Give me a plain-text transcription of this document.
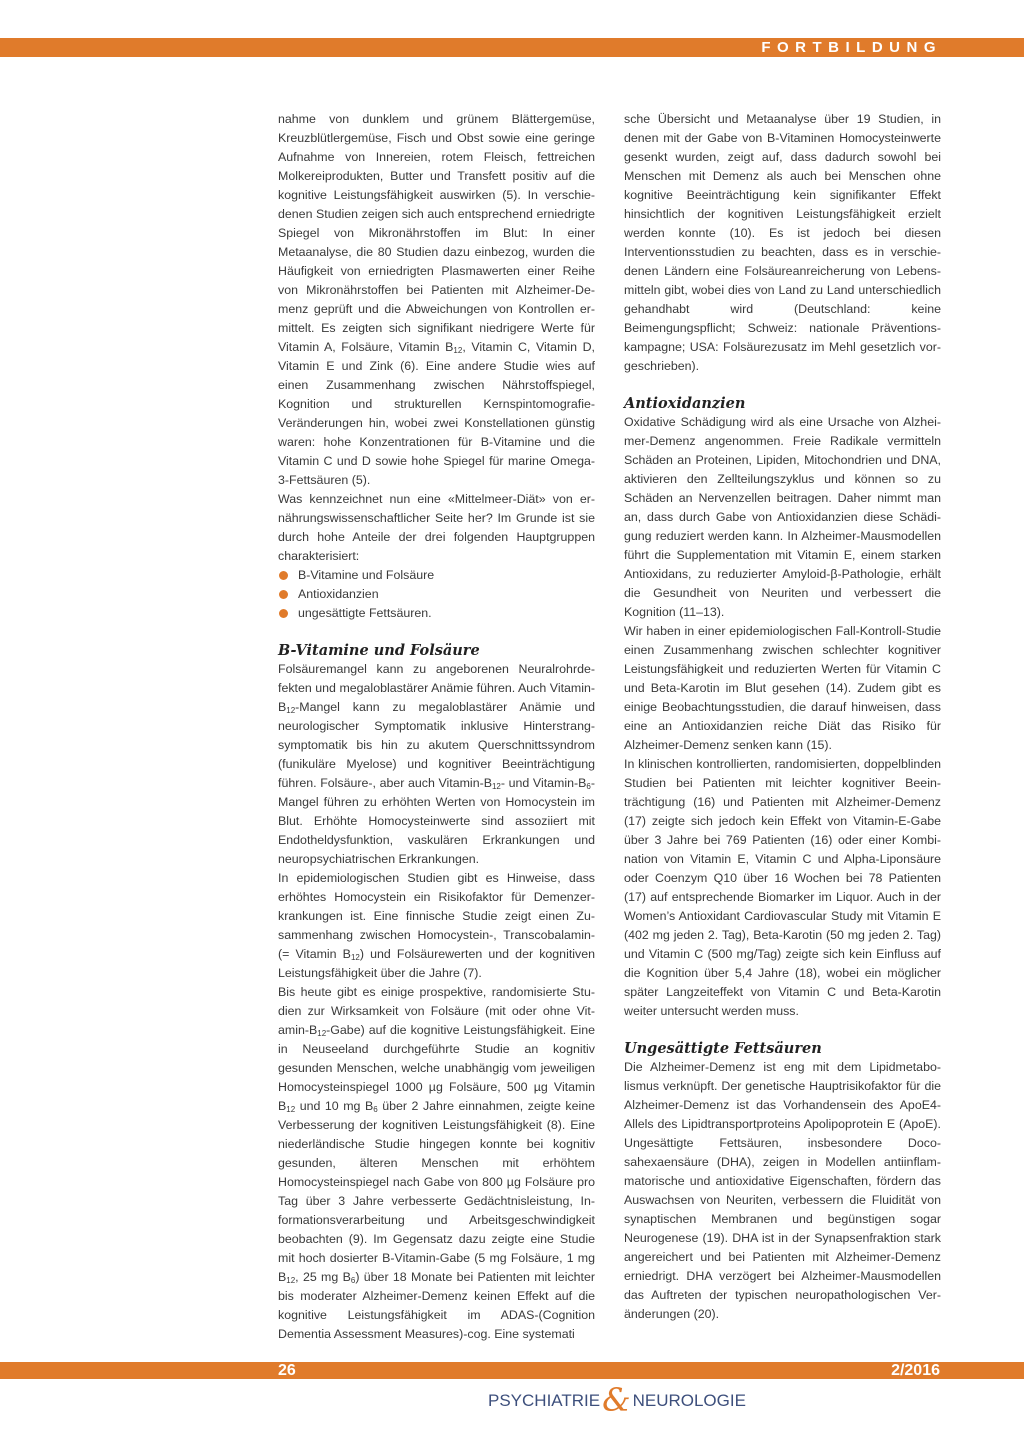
FORTBILDUNG

nahme von dunklem und grünem Blättergemüse, Kreuzblütlergemüse, Fisch und Obst sowie eine geringe Aufnahme von Innereien, rotem Fleisch, fettreichen Molkereiprodukten, Butter und Transfett positiv auf die kognitive Leistungsfähigkeit auswirken (5). In verschiedenen Studien zeigen sich auch entsprechend erniedrigte Spiegel von Mikronährstoffen im Blut: In einer Metaanalyse, die 80 Studien dazu einbezog, wurden die Häufigkeit von erniedrigten Plasmawerten einer Reihe von Mikronährstoffen bei Patienten mit Alzheimer-Demenz geprüft und die Abweichungen von Kontrollen ermittelt. Es zeigten sich signifikant niedrigere Werte für Vitamin A, Folsäure, Vitamin $B_{12}$, Vitamin C, Vitamin D, Vitamin E und Zink (6). Eine andere Studie wies auf einen Zusammenhang zwischen Nährstoffspiegel, Kognition und strukturellen Kernspintomografie-Veränderungen hin, wobei zwei Konstellationen günstig waren: hohe Konzentrationen für B-Vitamine und die Vitamin C und D sowie hohe Spiegel für marine Omega-3-Fettsäuren (5).

Was kennzeichnet nun eine «Mittelmeer-Diät» von ernährungswissenschaftlicher Seite her? Im Grunde ist sie durch hohe Anteile der drei folgenden Hauptgruppen charakterisiert:

B-Vitamine und Folsäure
Antioxidanzien
ungesättigte Fettsäuren.
B-Vitamine und Folsäure

Folsäuremangel kann zu angeborenen Neuralrohrdefekten und megaloblastärer Anämie führen. Auch Vitamin-$B_{12}$-Mangel kann zu megaloblastärer Anämie und neurologischer Symptomatik inklusive Hinterstrangsymptomatik bis hin zu akutem Querschnittssyndrom (funikuläre Myelose) und kognitiver Beeinträchtigung führen. Folsäure-, aber auch Vitamin-$B_{12}-$ und Vitamin-$B_6$-Mangel führen zu erhöhten Werten von Homocystein im Blut. Erhöhte Homocysteinwerte sind assoziiert mit Endotheldysfunktion, vaskulären Erkrankungen und neuropsychiatrischen Erkrankungen.

In epidemiologischen Studien gibt es Hinweise, dass erhöhtes Homocystein ein Risikofaktor für Demenzerkrankungen ist. Eine finnische Studie zeigt einen Zusammenhang zwischen Homocystein-, Transcobalamin- (= Vitamin $B_{12}$) und Folsäurewerten und der kognitiven Leistungsfähigkeit über die Jahre (7).

Bis heute gibt es einige prospektive, randomisierte Studien zur Wirksamkeit von Folsäure (mit oder ohne Vitamin-$B_{12}-Gabe$) auf die kognitive Leistungsfähigkeit. Eine in Neuseeland durchgeführte Studie an kognitiv gesunden Menschen, welche unabhängig vom jeweiligen Homocysteinspiegel 1000 µg Folsäure, 500 µg Vitamin $B_{12}$ und 10 mg $B_6$ über 2 Jahre einnahmen, zeigte keine Verbesserung der kognitiven Leistungsfähigkeit (8). Eine niederländische Studie hingegen konnte bei kognitiv gesunden, älteren Menschen mit erhöhtem Homocysteinspiegel nach Gabe von 800 µg Folsäure pro Tag über 3 Jahre verbesserte Gedächtnisleistung, Informationsverarbeitung und Arbeitsgeschwindigkeit beobachten (9). Im Gegensatz dazu zeigte eine Studie mit hoch dosierter B-Vitamin-Gabe (5 mg Folsäure, 1 mg $B_{12}$, 25 mg $B_6$) über 18 Monate bei Patienten mit leichter bis moderater Alzheimer-Demenz keinen Effekt auf die kognitive Leistungsfähigkeit im ADAS-(Cognition Dementia Assessment Measures)-cog. Eine systemati

sche Übersicht und Metaanalyse über 19 Studien, in denen mit der Gabe von B-Vitaminen Homocysteinwerte gesenkt wurden, zeigt auf, dass dadurch sowohl bei Menschen mit Demenz als auch bei Menschen ohne kognitive Beeinträchtigung kein signifikanter Effekt hinsichtlich der kognitiven Leistungsfähigkeit erzielt werden konnte (10). Es ist jedoch bei diesen Interventionsstudien zu beachten, dass es in verschiedenen Ländern eine Folsäureanreicherung von Lebensmitteln gibt, wobei dies von Land zu Land unterschiedlich gehandhabt wird (Deutschland: keine Beimengungspflicht; Schweiz: nationale Präventionskampagne; USA: Folsäurezusatz im Mehl gesetzlich vorgeschrieben).

Antioxidanzien

Oxidative Schädigung wird als eine Ursache von Alzheimer-Demenz angenommen. Freie Radikale vermitteln Schäden an Proteinen, Lipiden, Mitochondrien und DNA, aktivieren den Zellteilungszyklus und können so zu Schäden an Nervenzellen beitragen. Daher nimmt man an, dass durch Gabe von Antioxidanzien diese Schädigung reduziert werden kann. In Alzheimer-Mausmodellen führt die Supplementation mit Vitamin E, einem starken Antioxidans, zu reduzierter Amyloid-β-Pathologie, erhält die Gesundheit von Neuriten und verbessert die Kognition (11–13).

Wir haben in einer epidemiologischen Fall-Kontroll-Studie einen Zusammenhang zwischen schlechter kognitiver Leistungsfähigkeit und reduzierten Werten für Vitamin C und Beta-Karotin im Blut gesehen (14). Zudem gibt es einige Beobachtungsstudien, die darauf hinweisen, dass eine an Antioxidanzien reiche Diät das Risiko für Alzheimer-Demenz senken kann (15).

In klinischen kontrollierten, randomisierten, doppelblinden Studien bei Patienten mit leichter kognitiver Beeinträchtigung (16) und Patienten mit Alzheimer-Demenz (17) zeigte sich jedoch kein Effekt von Vitamin-E-Gabe über 3 Jahre bei 769 Patienten (16) oder einer Kombination von Vitamin E, Vitamin C und Alpha-Liponsäure oder Coenzym Q10 über 16 Wochen bei 78 Patienten (17) auf entsprechende Biomarker im Liquor. Auch in der Women’s Antioxidant Cardiovascular Study mit Vitamin E (402 mg jeden 2. Tag), Beta-Karotin (50 mg jeden 2. Tag) und Vitamin C (500 mg/Tag) zeigte sich kein Einfluss auf die Kognition über 5,4 Jahre (18), wobei ein möglicher später Langzeiteffekt von Vitamin C und Beta-Karotin weiter untersucht werden muss.

Ungesättigte Fettsäuren

Die Alzheimer-Demenz ist eng mit dem Lipidmetabolismus verknüpft. Der genetische Hauptrisikofaktor für die Alzheimer-Demenz ist das Vorhandensein des ApoE4-Allels des Lipidtransportproteins Apolipoprotein E (ApoE). Ungesättigte Fettsäuren, insbesondere Docosahexaensäure (DHA), zeigen in Modellen antiinflammatorische und antioxidative Eigenschaften, fördern das Auswachsen von Neuriten, verbessern die Fluidität von synaptischen Membranen und begünstigen sogar Neurogenese (19). DHA ist in der Synapsenfraktion stark angereichert und bei Patienten mit Alzheimer-Demenz erniedrigt. DHA verzögert bei Alzheimer-Mausmodellen das Auftreten der typischen neuropathologischen Veränderungen (20).

26	2/2016
PSYCHIATRIE& NEUROLOGIE
